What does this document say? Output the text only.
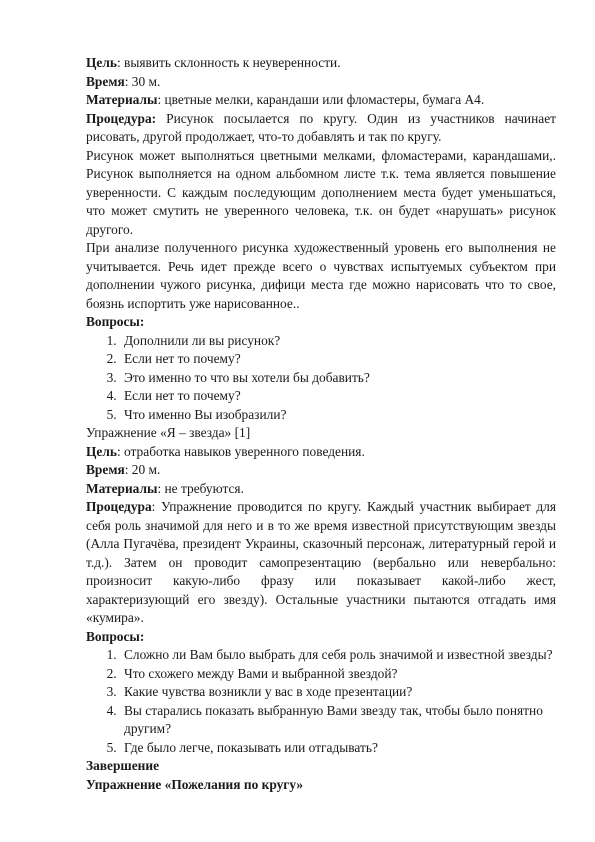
Цель: выявить склонность к неуверенности.

Время: 30 м.

Материалы: цветные мелки, карандаши или фломастеры, бумага А4.

Процедура: Рисунок посылается по кругу. Один из участников начинает рисовать, другой продолжает, что-то добавлять и так по кругу.

Рисунок может выполняться цветными мелками, фломастерами, карандашами,. Рисунок выполняется на одном альбомном листе т.к. тема является повышение уверенности. С каждым последующим дополнением места будет уменьшаться, что может смутить не уверенного человека, т.к. он будет «нарушать» рисунок другого.

При анализе полученного рисунка художественный уровень его выполнения не учитывается. Речь идет прежде всего о чувствах испытуемых субъектом при дополнении чужого рисунка, дифици места где можно нарисовать что то свое, боязнь испортить уже нарисованное..

Вопросы:

1. Дополнили ли вы рисунок?
2. Если нет то почему?
3. Это именно то что вы хотели бы добавить?
4. Если нет то почему?
5. Что именно Вы изобразили?

Упражнение «Я – звезда» [1]

Цель: отработка навыков уверенного поведения.

Время: 20 м.

Материалы: не требуются.

Процедура: Упражнение проводится по кругу. Каждый участник выбирает для себя роль значимой для него и в то же время известной присутствующим звезды (Алла Пугачёва, президент Украины, сказочный персонаж, литературный герой и т.д.). Затем он проводит самопрезентацию (вербально или невербально: произносит какую-либо фразу или показывает какой-либо жест, характеризующий его звезду). Остальные участники пытаются отгадать имя «кумира».

Вопросы:

1. Сложно ли Вам было выбрать для себя роль значимой и известной звезды?
2. Что схожего между Вами и выбранной звездой?
3. Какие чувства возникли у вас в ходе презентации?
4. Вы старались показать выбранную Вами звезду так, чтобы было понятно другим?
5. Где было легче, показывать или отгадывать?

Завершение

Упражнение «Пожелания по кругу»
